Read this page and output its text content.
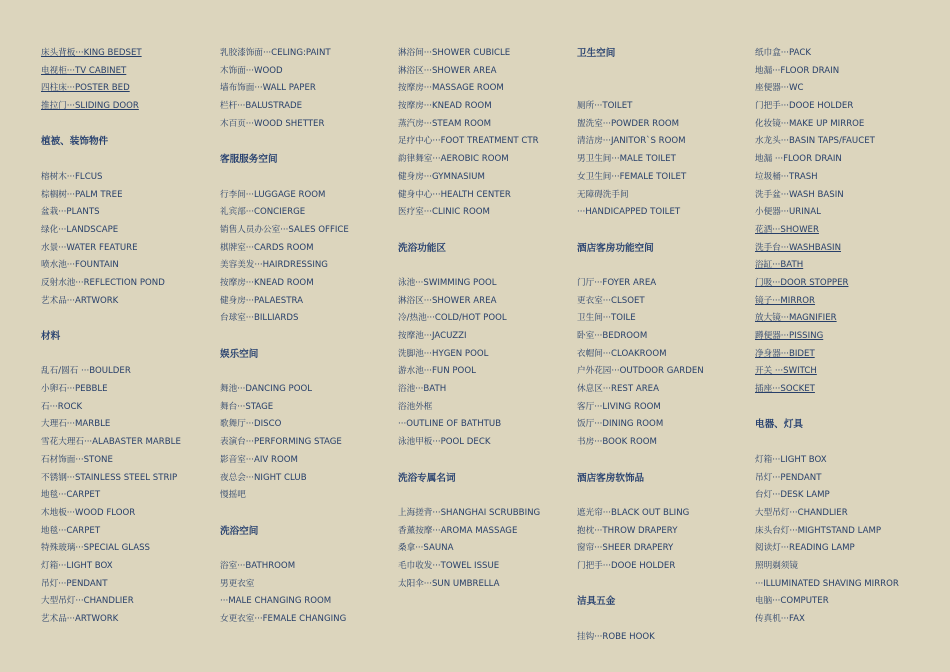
床头背板···KING BEDSET
电视柜···TV CABINET
四柱床···POSTER BED
推拉门···SLIDING DOOR
植被、装饰物件
榕树木···FLCUS
棕榈树···PALM TREE
盆栽···PLANTS
绿化···LANDSCAPE
水景···WATER FEATURE
喷水池···FOUNTAIN
反射水池···REFLECTION POND
艺术品···ARTWORK
材料
乱石/圆石 ···BOULDER
小卵石···PEBBLE
石···ROCK
大理石···MARBLE
雪花大理石···ALABASTER MARBLE
石材饰面···STONE
不锈钢···STAINLESS STEEL STRIP
地毯···CARPET
木地板···WOOD FLOOR
地毯···CARPET
特殊玻璃···SPECIAL GLASS
灯箱···LIGHT BOX
吊灯···PENDANT
大型吊灯···CHANDLIER
艺术品···ARTWORK
乳胶漆饰面···CELING:PAINT
木饰面···WOOD
墙布饰面···WALL PAPER
栏杆···BALUSTRADE
木百页···WOOD SHETTER
客服服务空间
行李间···LUGGAGE ROOM
礼宾部···CONCIERGE
销售人员办公室···SALES OFFICE
棋牌室···CARDS ROOM
美容美发···HAIRDRESSING
按摩房···KNEAD ROOM
健身房···PALAESTRA
台球室···BILLIARDS
娱乐空间
舞池···DANCING POOL
舞台···STAGE
歌舞厅···DISCO
表演台···PERFORMING STAGE
影音室···AIV ROOM
夜总会···NIGHT CLUB
慢摇吧
洗浴空间
浴室···BATHROOM
男更衣室
···MALE CHANGING ROOM
女更衣室···FEMALE CHANGING
淋浴间···SHOWER CUBICLE
淋浴区···SHOWER AREA
按摩房···MASSAGE ROOM
按摩房···KNEAD ROOM
蒸汽房···STEAM ROOM
足疗中心···FOOT TREATMENT CTR
韵律舞室···AEROBIC ROOM
健身房···GYMNASIUM
健身中心···HEALTH CENTER
医疗室···CLINIC ROOM
洗浴功能区
泳池···SWIMMING POOL
淋浴区···SHOWER AREA
冷/热池···COLD/HOT POOL
按摩池···JACUZZI
洗脚池···HYGEN POOL
游水池···FUN POOL
浴池···BATH
浴池外框
···OUTLINE OF BATHTUB
泳池甲板···POOL DECK
洗浴专属名词
上海搓背···SHANGHAI SCRUBBING
香薰按摩···AROMA MASSAGE
桑拿···SAUNA
毛巾收发···TOWEL ISSUE
太阳伞···SUN UMBRELLA
卫生空间
厕所···TOILET
盥洗室···POWDER ROOM
清洁房···JANITOR`S ROOM
男卫生间···MALE TOILET
女卫生间···FEMALE TOILET
无障碍洗手间
···HANDICAPPED TOILET
酒店客房功能空间
门厅···FOYER AREA
更衣室···CLSOET
卫生间···TOILE
卧室···BEDROOM
衣帽间···CLOAKROOM
户外花园···OUTDOOR GARDEN
休息区···REST AREA
客厅···LIVING ROOM
饭厅···DINING ROOM
书房···BOOK ROOM
酒店客房软饰品
遮光帘···BLACK OUT BLING
抱枕···THROW DRAPERY
窗帘···SHEER DRAPERY
门把手···DOOE HOLDER
洁具五金
挂钩···ROBE HOOK
纸巾盒···PACK
地漏···FLOOR DRAIN
座便器···WC
门把手···DOOE HOLDER
化妆镜···MAKE UP MIRROE
水龙头···BASIN TAPS/FAUCET
地漏 ···FLOOR DRAIN
垃圾桶···TRASH
洗手盆···WASH BASIN
小便器···URINAL
花洒···SHOWER
洗手台···WASHBASIN
浴缸···BATH
门吸···DOOR STOPPER
镜子···MIRROR
放大镜···MAGNIFIER
蹲便器···PISSING
净身器···BIDET
开关 ···SWITCH
插座···SOCKET
电器、灯具
灯箱···LIGHT BOX
吊灯···PENDANT
台灯···DESK LAMP
大型吊灯···CHANDLIER
床头台灯···MIGHTSTAND LAMP
阅读灯···READING LAMP
照明剃须镜
···ILLUMINATED SHAVING MIRROR
电脑···COMPUTER
传真机···FAX
